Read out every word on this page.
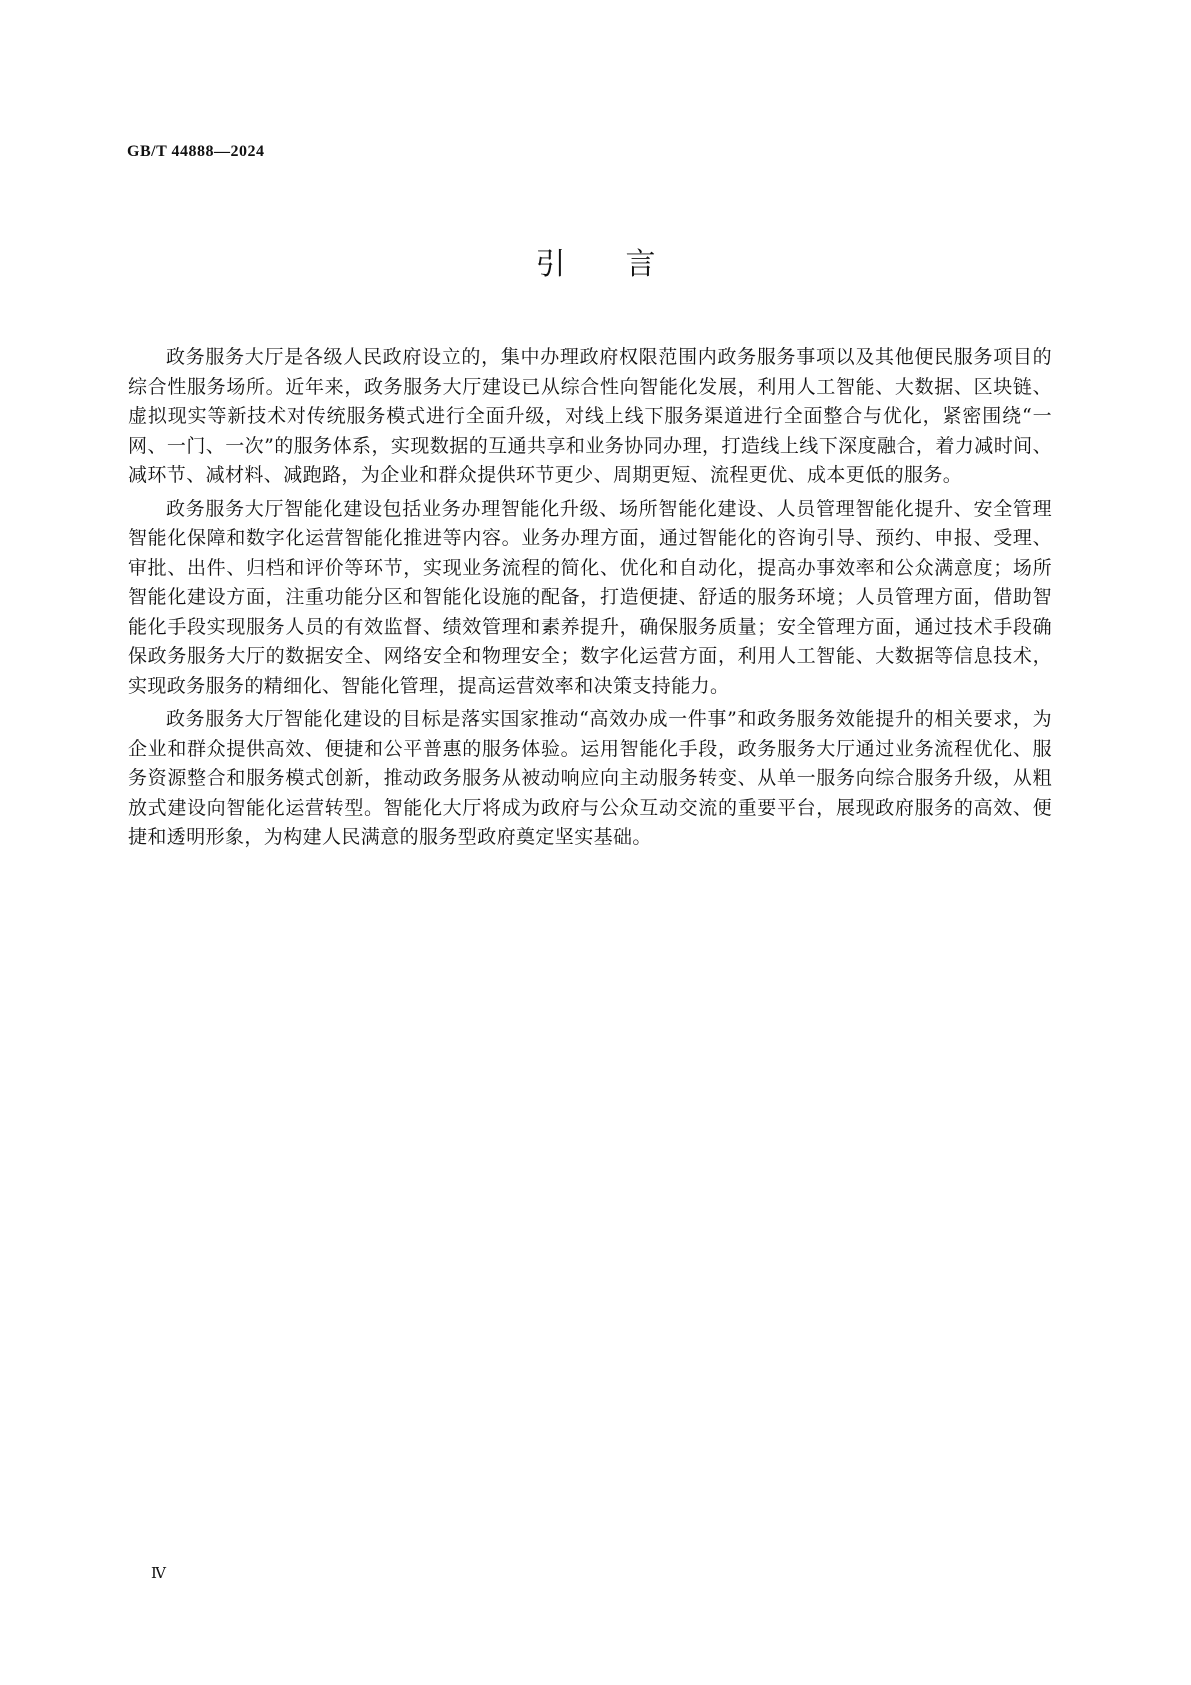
GB/T 44888—2024
引言

政务服务大厅是各级人民政府设立的，集中办理政府权限范围内政务服务事项以及其他便民服务项目的综合性服务场所。近年来，政务服务大厅建设已从综合性向智能化发展，利用人工智能、大数据、区块链、虚拟现实等新技术对传统服务模式进行全面升级，对线上线下服务渠道进行全面整合与优化，紧密围绕“一网、一门、一次”的服务体系，实现数据的互通共享和业务协同办理，打造线上线下深度融合，着力减时间、减环节、减材料、减跑路，为企业和群众提供环节更少、周期更短、流程更优、成本更低的服务。

政务服务大厅智能化建设包括业务办理智能化升级、场所智能化建设、人员管理智能化提升、安全管理智能化保障和数字化运营智能化推进等内容。业务办理方面，通过智能化的咨询引导、预约、申报、受理、审批、出件、归档和评价等环节，实现业务流程的简化、优化和自动化，提高办事效率和公众满意度；场所智能化建设方面，注重功能分区和智能化设施的配备，打造便捷、舒适的服务环境；人员管理方面，借助智能化手段实现服务人员的有效监督、绩效管理和素养提升，确保服务质量；安全管理方面，通过技术手段确保政务服务大厅的数据安全、网络安全和物理安全；数字化运营方面，利用人工智能、大数据等信息技术，实现政务服务的精细化、智能化管理，提高运营效率和决策支持能力。

政务服务大厅智能化建设的目标是落实国家推动“高效办成一件事”和政务服务效能提升的相关要求，为企业和群众提供高效、便捷和公平普惠的服务体验。运用智能化手段，政务服务大厅通过业务流程优化、服务资源整合和服务模式创新，推动政务服务从被动响应向主动服务转变、从单一服务向综合服务升级，从粗放式建设向智能化运营转型。智能化大厅将成为政府与公众互动交流的重要平台，展现政府服务的高效、便捷和透明形象，为构建人民满意的服务型政府奠定坚实基础。

Ⅳ
